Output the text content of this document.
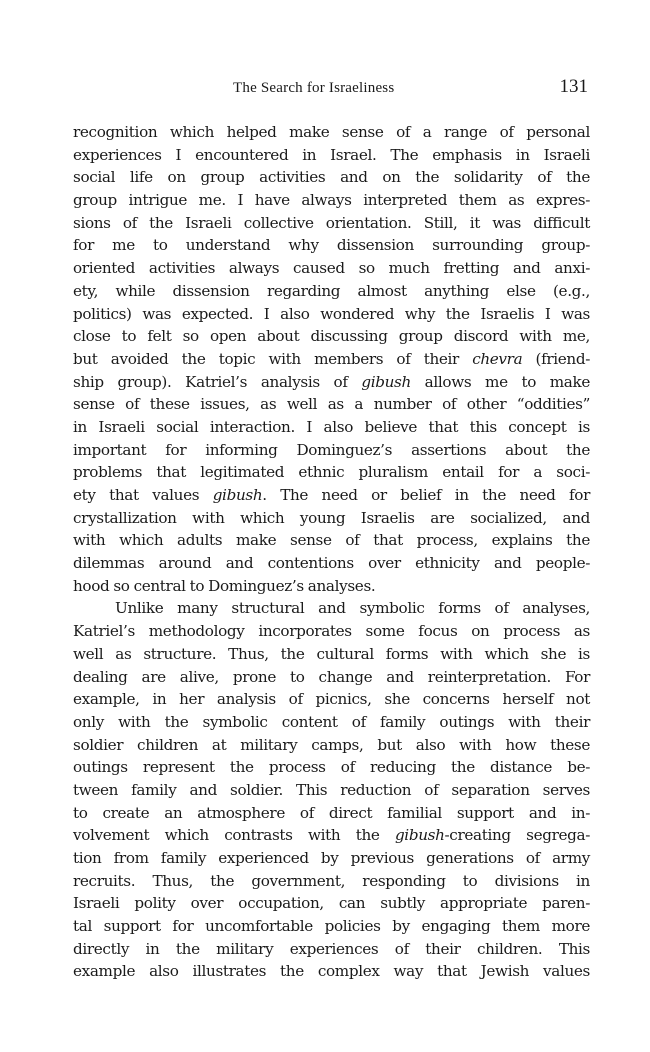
The Search for Israeliness	131
recognition which helped make sense of a range of personal
experiences I encountered in Israel. The emphasis in Israeli
social life on group activities and on the solidarity of the
group intrigue me. I have always interpreted them as expres-
sions of the Israeli collective orientation. Still, it was difficult
for me to understand why dissension surrounding group-
oriented activities always caused so much fretting and anxi-
ety, while dissension regarding almost anything else (e.g.,
politics) was expected. I also wondered why the Israelis I was
close to felt so open about discussing group discord with me,
but avoided the topic with members of their chevra (friend-
ship group). Katriel’s analysis of gibush allows me to make
sense of these issues, as well as a number of other “oddities”
in Israeli social interaction. I also believe that this concept is
important for informing Dominguez’s assertions about the
problems that legitimated ethnic pluralism entail for a soci-
ety that values gibush. The need or belief in the need for
crystallization with which young Israelis are socialized, and
with which adults make sense of that process, explains the
dilemmas around and contentions over ethnicity and people-
hood so central to Dominguez’s analyses.
Unlike many structural and symbolic forms of analyses,
Katriel’s methodology incorporates some focus on process as
well as structure. Thus, the cultural forms with which she is
dealing are alive, prone to change and reinterpretation. For
example, in her analysis of picnics, she concerns herself not
only with the symbolic content of family outings with their
soldier children at military camps, but also with how these
outings represent the process of reducing the distance be-
tween family and soldier. This reduction of separation serves
to create an atmosphere of direct familial support and in-
volvement which contrasts with the gibush-creating segrega-
tion from family experienced by previous generations of army
recruits. Thus, the government, responding to divisions in
Israeli polity over occupation, can subtly appropriate paren-
tal support for uncomfortable policies by engaging them more
directly in the military experiences of their children. This
example also illustrates the complex way that Jewish values
